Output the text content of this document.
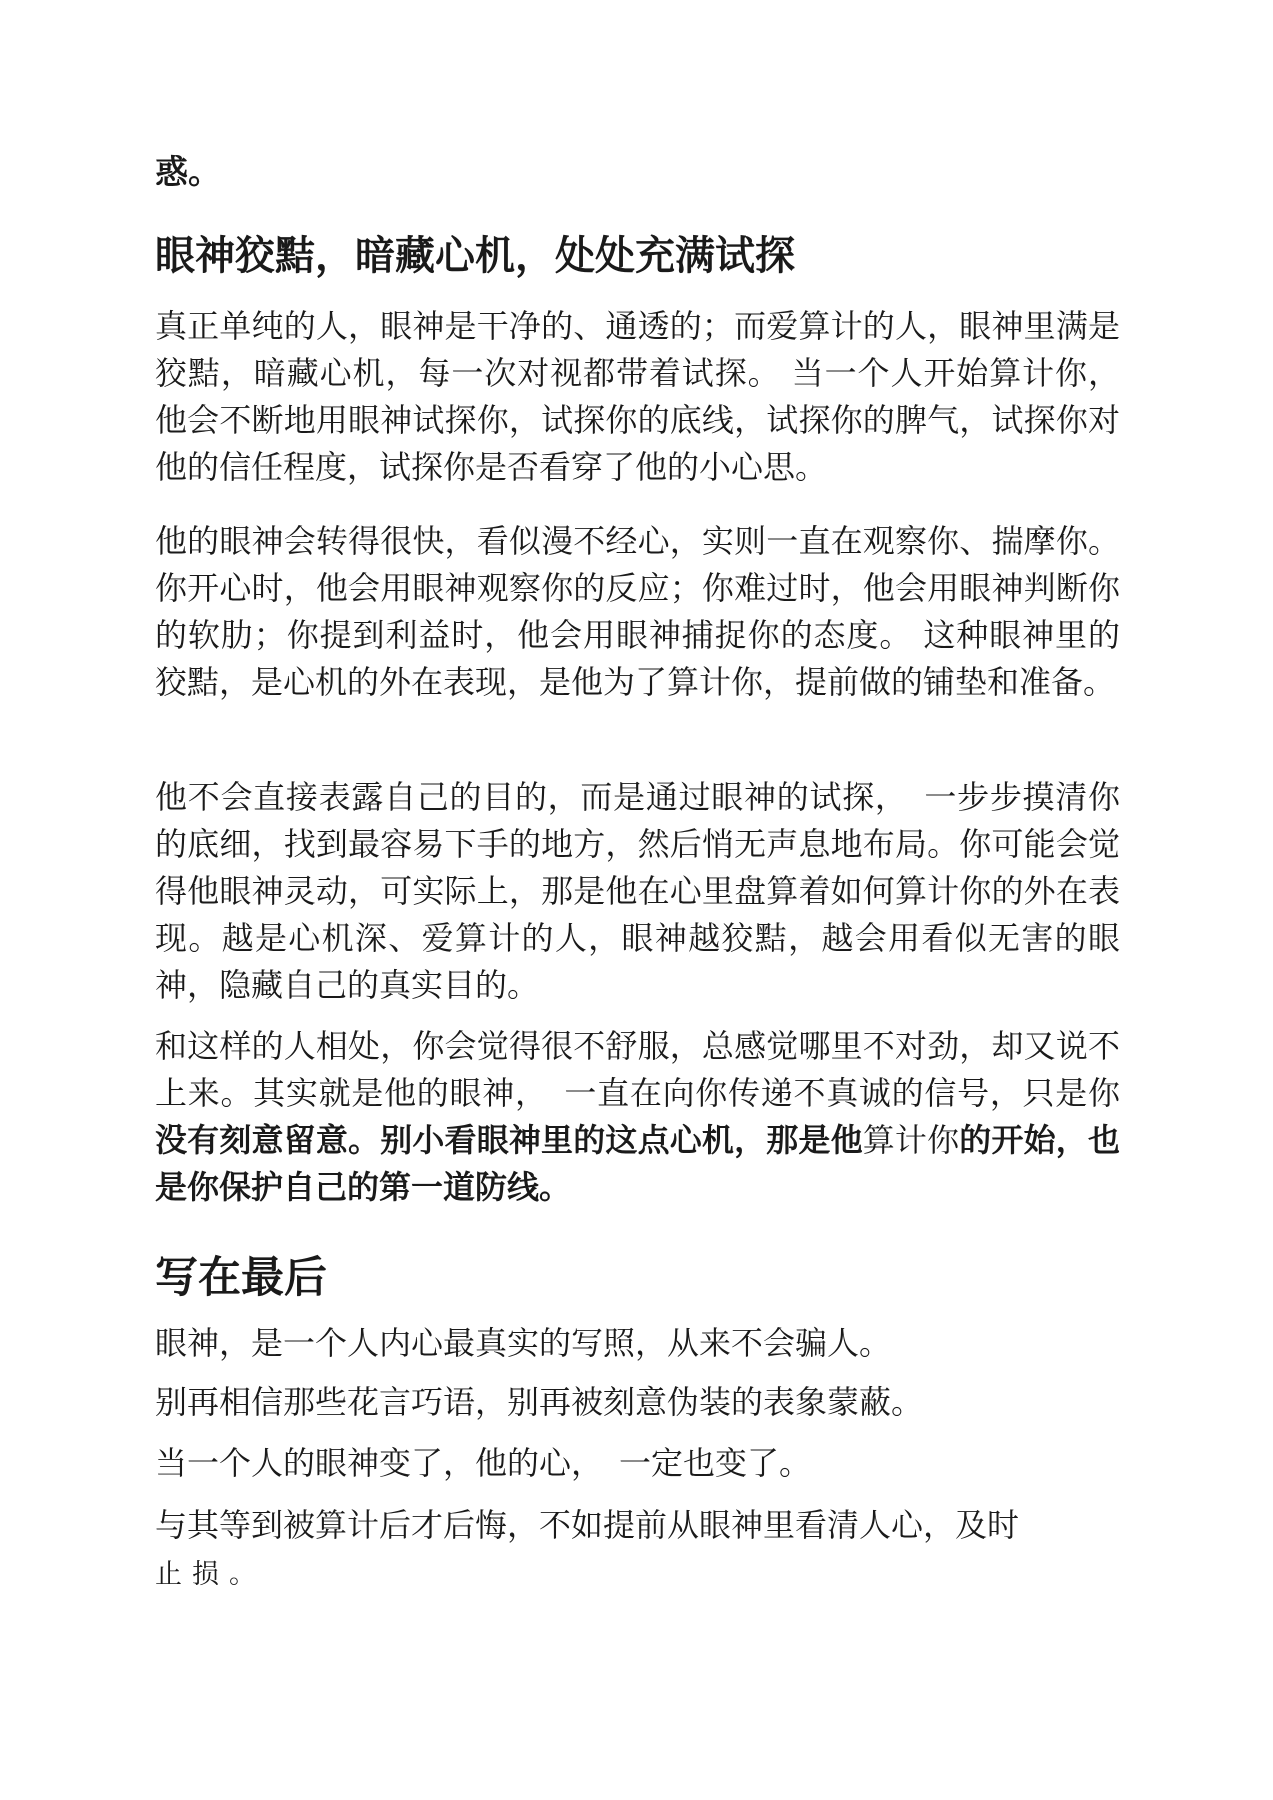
惑。

眼神狡黠，暗藏心机，处处充满试探

真正单纯的人，眼神是干净的、通透的；而爱算计的人，眼神里满是狡黠，暗藏心机，每一次对视都带着试探。 当一个人开始算计你，他会不断地用眼神试探你，试探你的底线，试探你的脾气，试探你对他的信任程度，试探你是否看穿了他的小心思。

他的眼神会转得很快，看似漫不经心，实则一直在观察你、揣摩你。你开心时，他会用眼神观察你的反应；你难过时，他会用眼神判断你的软肋；你提到利益时，他会用眼神捕捉你的态度。 这种眼神里的狡黠，是心机的外在表现，是他为了算计你，提前做的铺垫和准备。

他不会直接表露自己的目的，而是通过眼神的试探，　一步步摸清你的底细，找到最容易下手的地方，然后悄无声息地布局。你可能会觉得他眼神灵动，可实际上，那是他在心里盘算着如何算计你的外在表现。越是心机深、爱算计的人，眼神越狡黠，越会用看似无害的眼神，隐藏自己的真实目的。

和这样的人相处，你会觉得很不舒服，总感觉哪里不对劲，却又说不上来。其实就是他的眼神，　一直在向你传递不真诚的信号，只是你没有刻意留意。别小看眼神里的这点心机，那是他算计你的开始，也是你保护自己的第一道防线。

写在最后

眼神，是一个人内心最真实的写照，从来不会骗人。

别再相信那些花言巧语，别再被刻意伪装的表象蒙蔽。

当一个人的眼神变了，他的心，　一定也变了。

与其等到被算计后才后悔，不如提前从眼神里看清人心，及时
止损。
